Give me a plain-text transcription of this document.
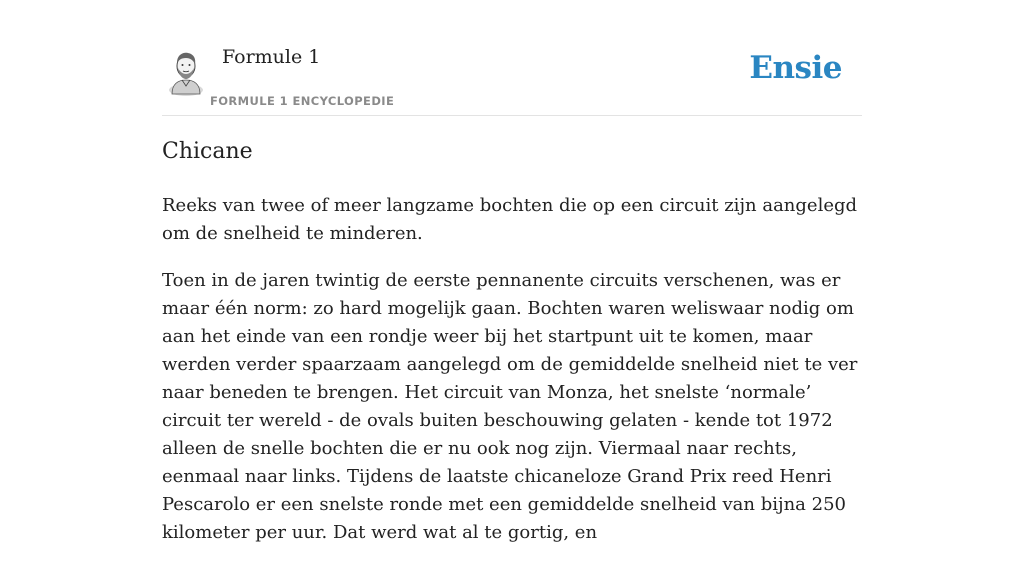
Formule 1
FORMULE 1 ENCYCLOPEDIE
Ensie
Chicane

Reeks van twee of meer langzame bochten die op een circuit zijn aangelegd om de snelheid te minderen.

Toen in de jaren twintig de eerste pennanente circuits verschenen, was er maar één norm: zo hard mogelijk gaan. Bochten waren weliswaar nodig om aan het einde van een rondje weer bij het startpunt uit te komen, maar werden verder spaarzaam aangelegd om de gemiddelde snelheid niet te ver naar beneden te brengen. Het circuit van Monza, het snelste ‘normale’ circuit ter wereld - de ovals buiten beschouwing gelaten - kende tot 1972 alleen de snelle bochten die er nu ook nog zijn. Viermaal naar rechts, eenmaal naar links. Tijdens de laatste chicaneloze Grand Prix reed Henri Pescarolo er een snelste ronde met een gemiddelde snelheid van bijna 250 kilometer per uur. Dat werd wat al te gortig, en
